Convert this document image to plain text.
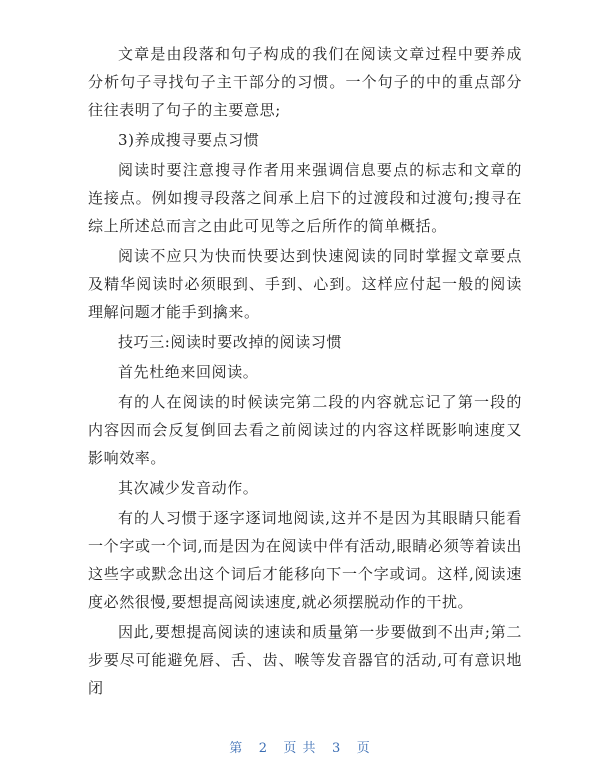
文章是由段落和句子构成的我们在阅读文章过程中要养成分析句子寻找句子主干部分的习惯。一个句子的中的重点部分往往表明了句子的主要意思;

3)养成搜寻要点习惯

阅读时要注意搜寻作者用来强调信息要点的标志和文章的连接点。例如搜寻段落之间承上启下的过渡段和过渡句;搜寻在综上所述总而言之由此可见等之后所作的简单概括。

阅读不应只为快而快要达到快速阅读的同时掌握文章要点及精华阅读时必须眼到、手到、心到。这样应付起一般的阅读理解问题才能手到擒来。

技巧三:阅读时要改掉的阅读习惯

首先杜绝来回阅读。

有的人在阅读的时候读完第二段的内容就忘记了第一段的内容因而会反复倒回去看之前阅读过的内容这样既影响速度又影响效率。

其次减少发音动作。

有的人习惯于逐字逐词地阅读,这并不是因为其眼睛只能看一个字或一个词,而是因为在阅读中伴有活动,眼睛必须等着读出这些字或默念出这个词后才能移向下一个字或词。这样,阅读速度必然很慢,要想提高阅读速度,就必须摆脱动作的干扰。

因此,要想提高阅读的速读和质量第一步要做到不出声;第二步要尽可能避免唇、舌、齿、喉等发音器官的活动,可有意识地闭

第 2 页 共 3 页
